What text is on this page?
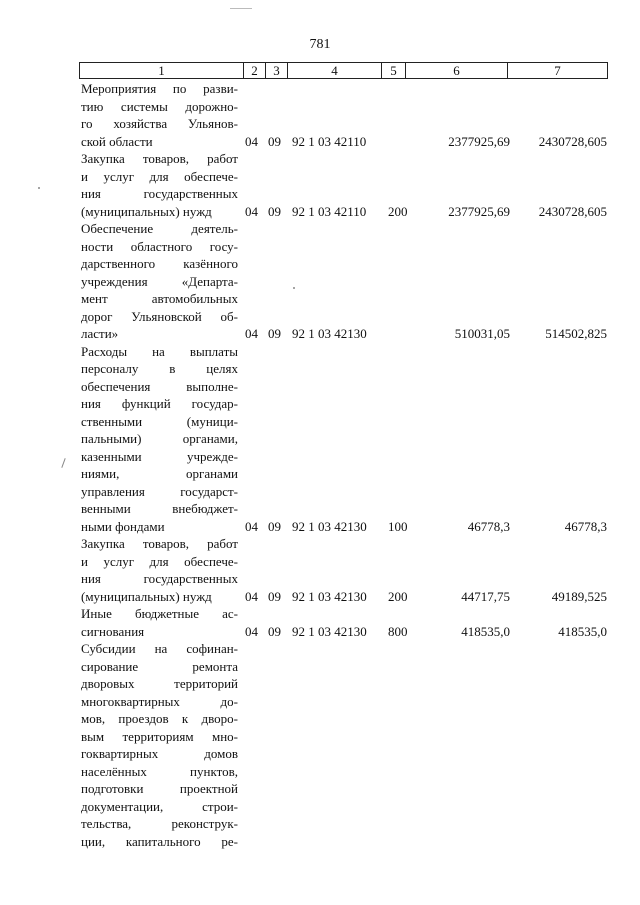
781
1	2	3	4	5	6	7
Мероприятия по разви-
тию системы дорожно-
го хозяйства Ульянов-
ской области	04 09 92 1 03 42110	2377925,69 2430728,605
Закупка товаров, работ
и услуг для обеспече-
ния государственных
(муниципальных) нужд	04 09 92 1 03 42110 200	2377925,69 2430728,605
Обеспечение деятель-
ности областного госу-
дарственного казённого
учреждения «Департа-
мент автомобильных
дорог Ульяновской об-
ласти»	04 09 92 1 03 42130	510031,05	514502,825
Расходы на выплаты
персоналу в целях
обеспечения выполне-
ния функций государ-
ственными (муници-
пальными) органами,
казенными учрежде-
ниями, органами
управления государст-
венными внебюджет-
ными фондами	04 09 92 1 03 42130 100	46778,3	46778,3
Закупка товаров, работ
и услуг для обеспече-
ния государственных
(муниципальных) нужд	04 09 92 1 03 42130 200	44717,75	49189,525
Иные бюджетные ас-
сигнования	04 09 92 1 03 42130 800	418535,0	418535,0
Субсидии на софинан-
сирование ремонта
дворовых территорий
многоквартирных до-
мов, проездов к дворо-
вым территориям мно-
гоквартирных домов
населённых пунктов,
подготовки проектной
документации, строи-
тельства, реконструк-
ции, капитального ре-
